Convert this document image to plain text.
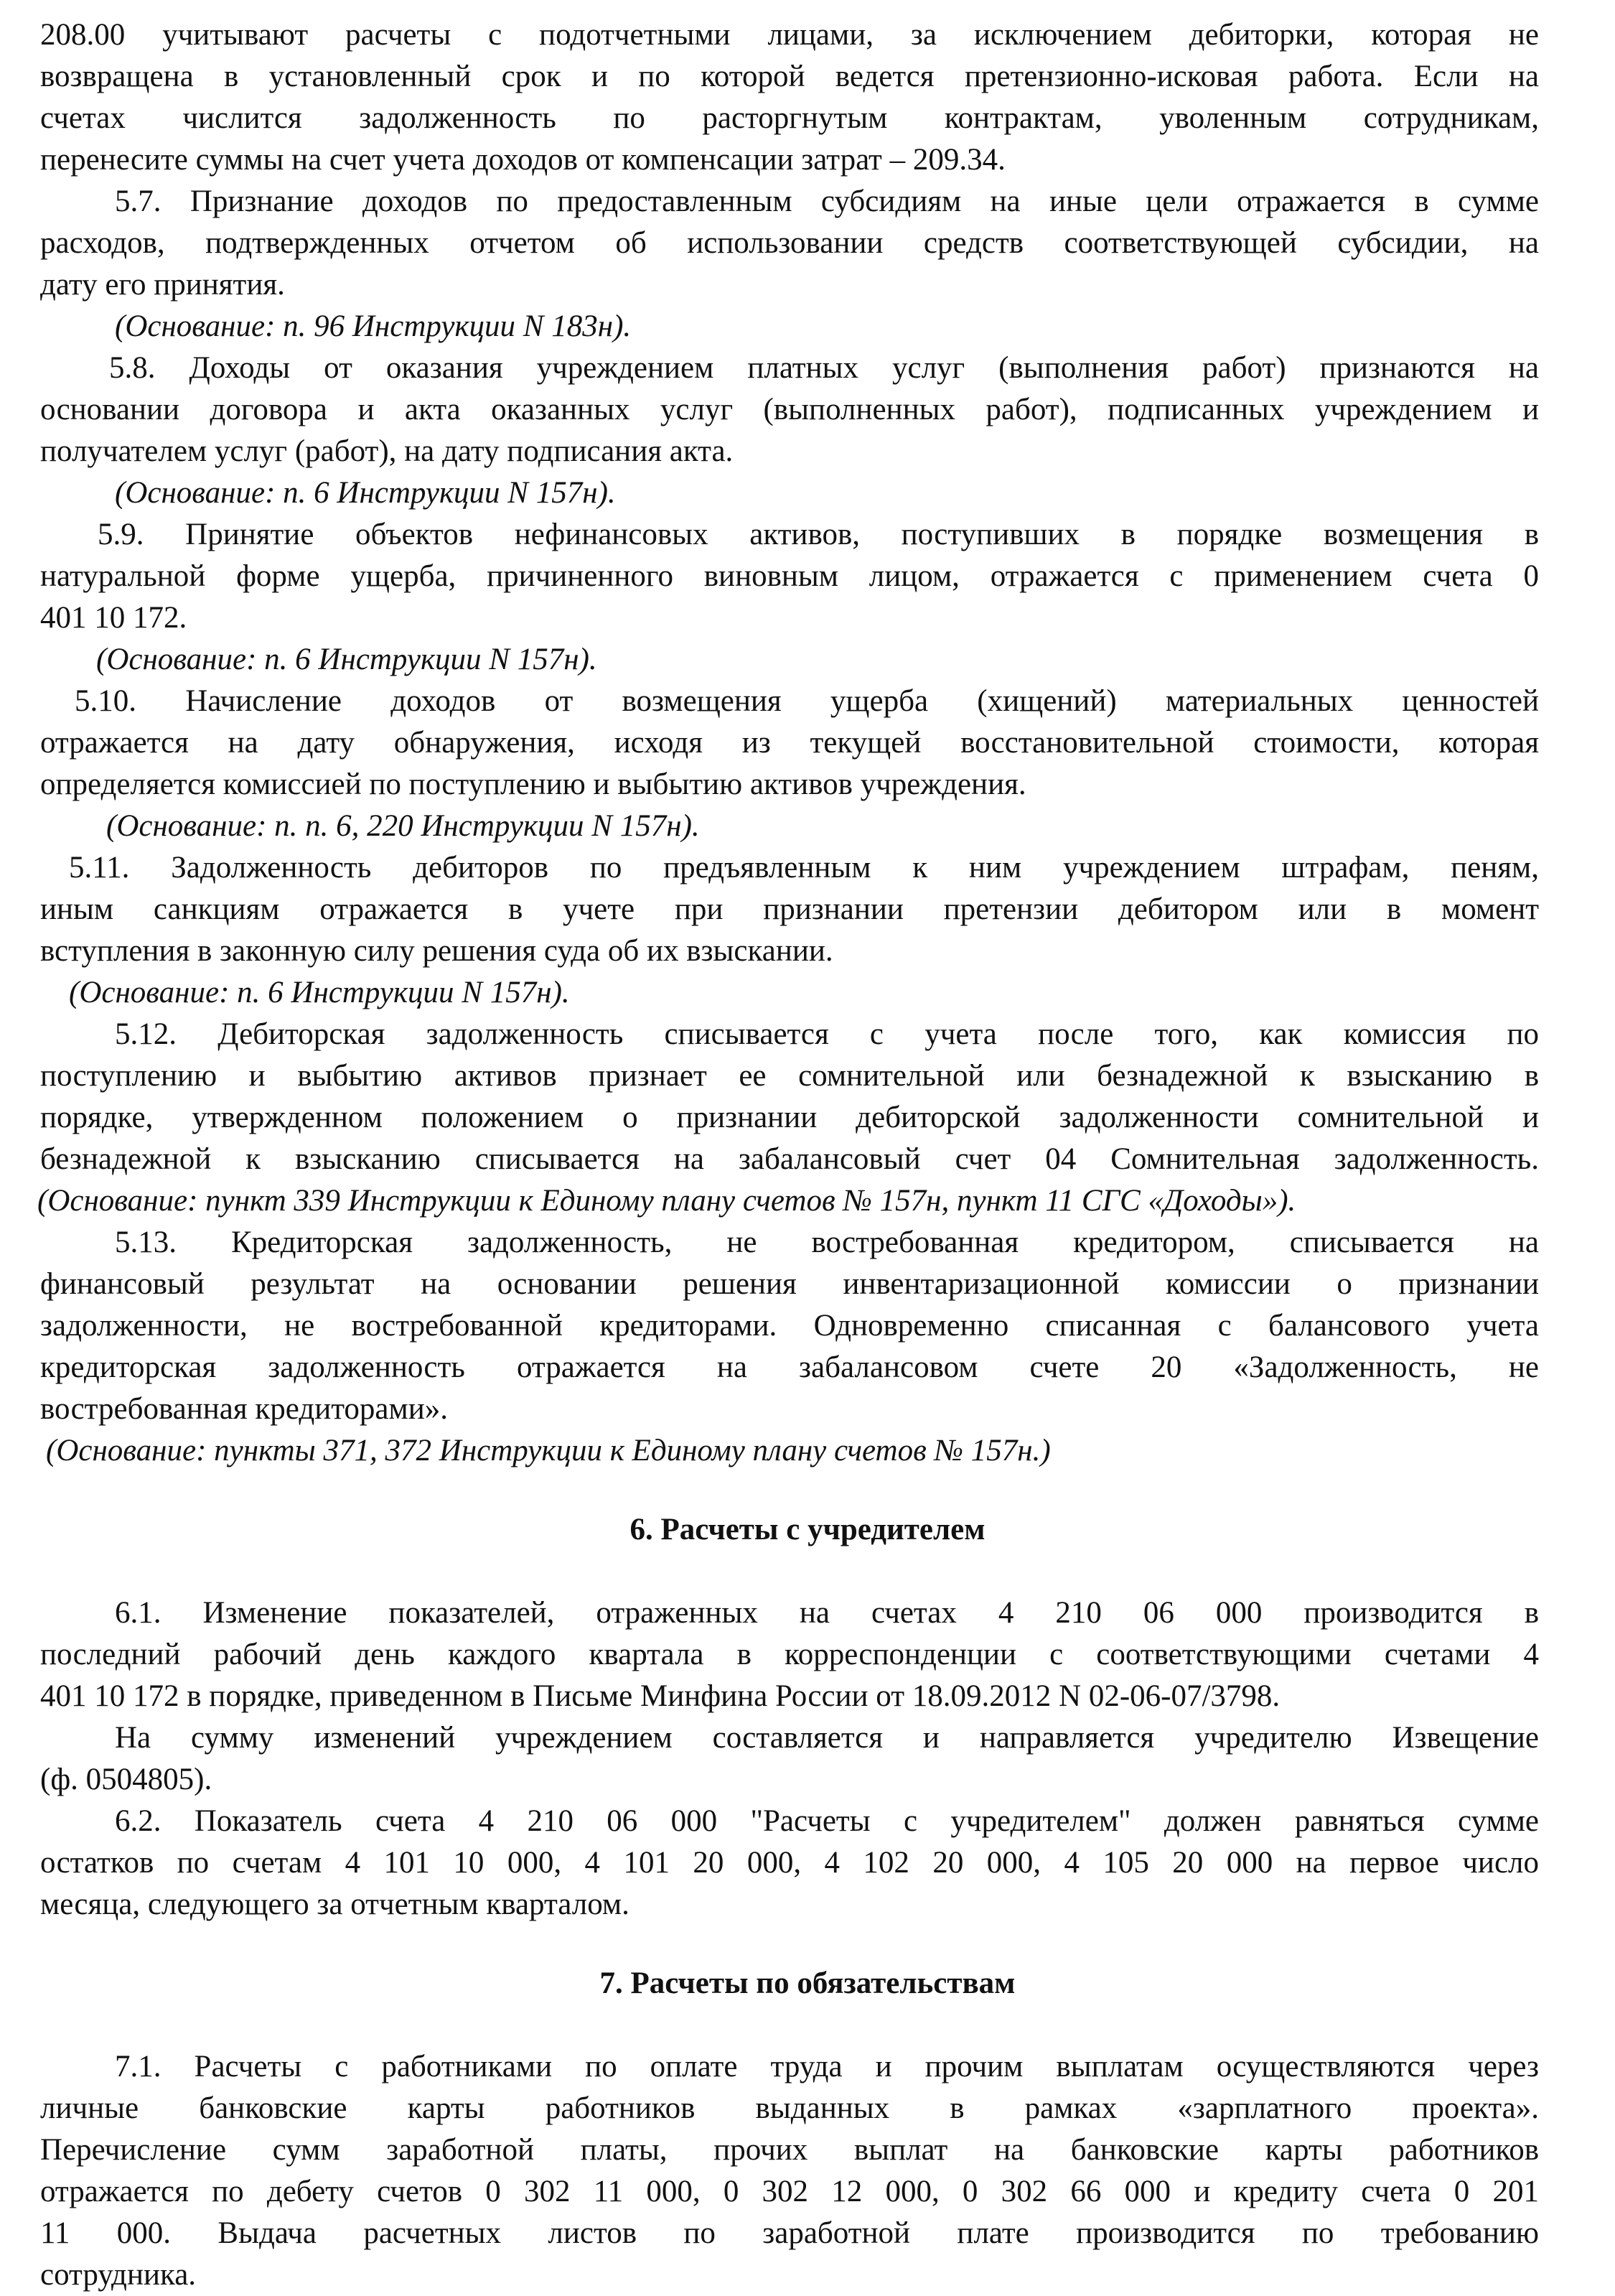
208.00 учитывают расчеты с подотчетными лицами, за исключением дебиторки, которая не
возвращена в установленный срок и по которой ведется претензионно-исковая работа. Если на
счетах числится задолженность по расторгнутым контрактам, уволенным сотрудникам,
перенесите суммы на счет учета доходов от компенсации затрат – 209.34.
5.7. Признание доходов по предоставленным субсидиям на иные цели отражается в сумме
расходов, подтвержденных отчетом об использовании средств соответствующей субсидии, на
дату его принятия.
(Основание: п. 96 Инструкции N 183н).
5.8. Доходы от оказания учреждением платных услуг (выполнения работ) признаются на
основании договора и акта оказанных услуг (выполненных работ), подписанных учреждением и
получателем услуг (работ), на дату подписания акта.
(Основание: п. 6 Инструкции N 157н).
5.9. Принятие объектов нефинансовых активов, поступивших в порядке возмещения в
натуральной форме ущерба, причиненного виновным лицом, отражается с применением счета 0
401 10 172.
(Основание: п. 6 Инструкции N 157н).
5.10. Начисление доходов от возмещения ущерба (хищений) материальных ценностей
отражается на дату обнаружения, исходя из текущей восстановительной стоимости, которая
определяется комиссией по поступлению и выбытию активов учреждения.
(Основание: п. п. 6, 220 Инструкции N 157н).
5.11. Задолженность дебиторов по предъявленным к ним учреждением штрафам, пеням,
иным санкциям отражается в учете при признании претензии дебитором или в момент
вступления в законную силу решения суда об их взыскании.
(Основание: п. 6 Инструкции N 157н).
5.12. Дебиторская задолженность списывается с учета после того, как комиссия по
поступлению и выбытию активов признает ее сомнительной или безнадежной к взысканию в
порядке, утвержденном положением о признании дебиторской задолженности сомнительной и
безнадежной к взысканию списывается на забалансовый счет 04 Сомнительная задолженность.
(Основание: пункт 339 Инструкции к Единому плану счетов № 157н, пункт 11 СГС «Доходы»).
5.13. Кредиторская задолженность, не востребованная кредитором, списывается на
финансовый результат на основании решения инвентаризационной комиссии о признании
задолженности, не востребованной кредиторами. Одновременно списанная с балансового учета
кредиторская задолженность отражается на забалансовом счете 20 «Задолженность, не
востребованная кредиторами».
(Основание: пункты 371, 372 Инструкции к Единому плану счетов № 157н.)
6.1. Изменение показателей, отраженных на счетах 4 210 06 000 производится в
последний рабочий день каждого квартала в корреспонденции с соответствующими счетами 4
401 10 172 в порядке, приведенном в Письме Минфина России от 18.09.2012 N 02-06-07/3798.
На сумму изменений учреждением составляется и направляется учредителю Извещение
(ф. 0504805).
6.2. Показатель счета 4 210 06 000 "Расчеты с учредителем" должен равняться сумме
остатков по счетам 4 101 10 000, 4 101 20 000, 4 102 20 000, 4 105 20 000 на первое число
месяца, следующего за отчетным кварталом.
7.1. Расчеты с работниками по оплате труда и прочим выплатам осуществляются через
личные банковские карты работников выданных в рамках «зарплатного проекта».
Перечисление сумм заработной платы, прочих выплат на банковские карты работников
отражается по дебету счетов 0 302 11 000, 0 302 12 000, 0 302 66 000 и кредиту счета 0 201
11 000. Выдача расчетных листов по заработной плате производится по требованию
сотрудника.
6. Расчеты с учредителем
7. Расчеты по обязательствам
